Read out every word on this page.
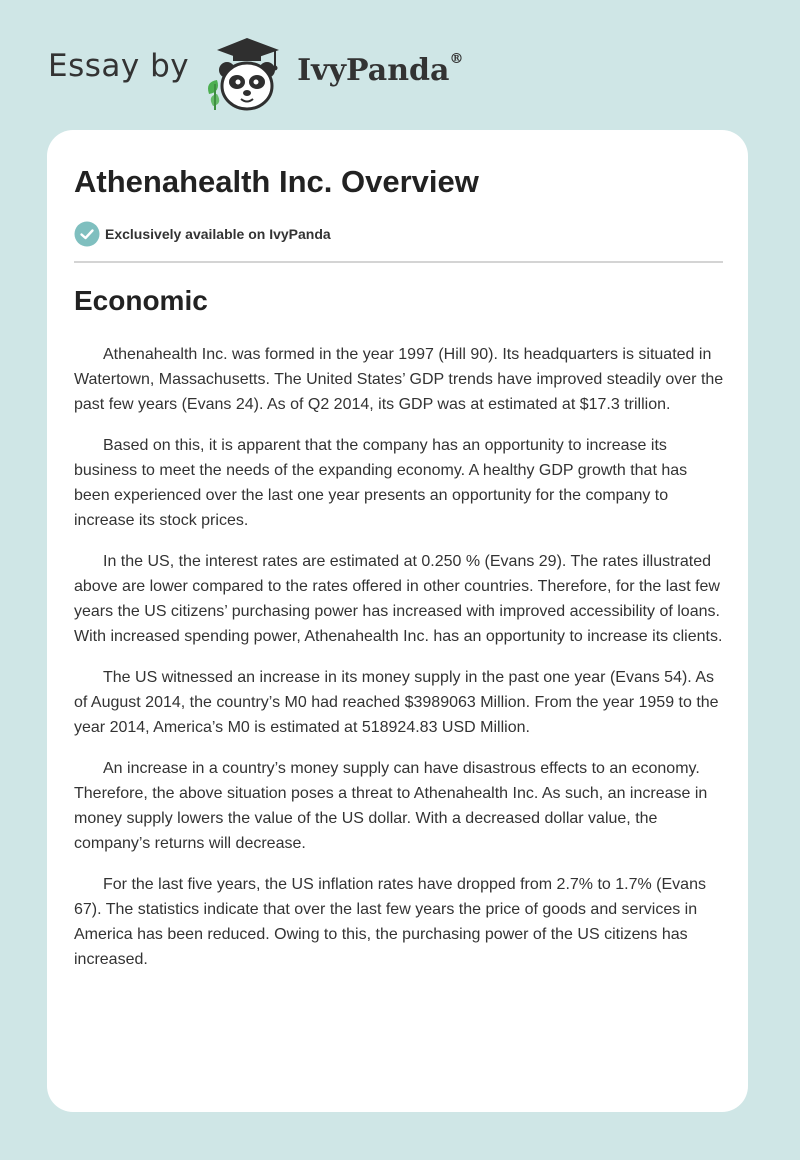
Essay by	IvyPanda®
Athenahealth Inc. Overview
Exclusively available on IvyPanda
Economic

Athenahealth Inc. was formed in the year 1997 (Hill 90). Its headquarters is situated in Watertown, Massachusetts. The United States’ GDP trends have improved steadily over the past few years (Evans 24). As of Q2 2014, its GDP was at estimated at $17.3 trillion.

Based on this, it is apparent that the company has an opportunity to increase its business to meet the needs of the expanding economy. A healthy GDP growth that has been experienced over the last one year presents an opportunity for the company to increase its stock prices.

In the US, the interest rates are estimated at 0.250 % (Evans 29). The rates illustrated above are lower compared to the rates offered in other countries. Therefore, for the last few years the US citizens’ purchasing power has increased with improved accessibility of loans. With increased spending power, Athenahealth Inc. has an opportunity to increase its clients.

The US witnessed an increase in its money supply in the past one year (Evans 54). As of August 2014, the country’s M0 had reached $3989063 Million. From the year 1959 to the year 2014, America’s M0 is estimated at 518924.83 USD Million.

An increase in a country’s money supply can have disastrous effects to an economy. Therefore, the above situation poses a threat to Athenahealth Inc. As such, an increase in money supply lowers the value of the US dollar. With a decreased dollar value, the company’s returns will decrease.

For the last five years, the US inflation rates have dropped from 2.7% to 1.7% (Evans 67). The statistics indicate that over the last few years the price of goods and services in America has been reduced. Owing to this, the purchasing power of the US citizens has increased.
